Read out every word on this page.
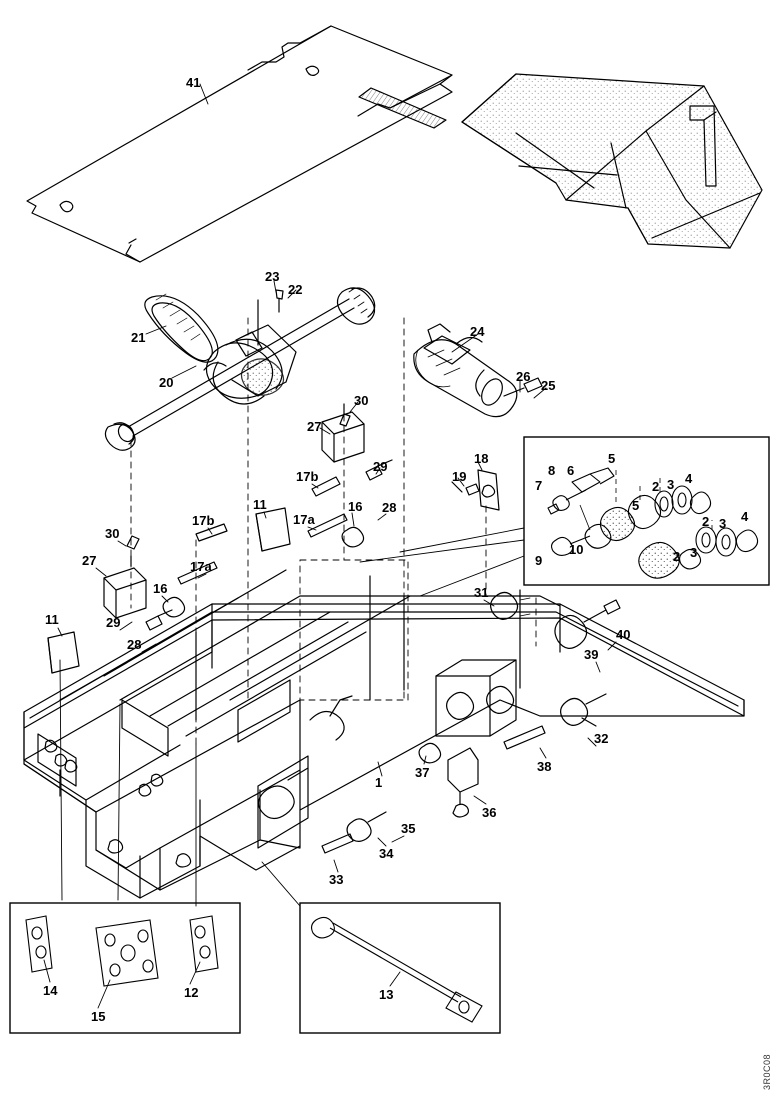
41
23
22
21
20
24
26
25
30
27
29
17b	19
18
16 28
11
17a
17b
17a
30
27
16
29
28
11
31
40
39
32
38
37
36
35
34
33
1
14
15
12	13
7
8 6
5
9
10
5
2 3 4
2 3 4
3
2
3R0C08
